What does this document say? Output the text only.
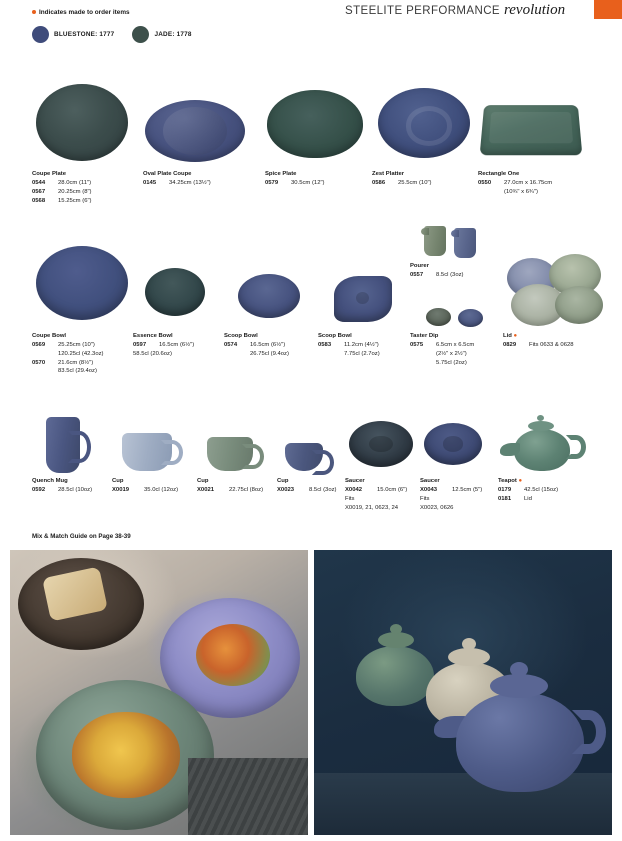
STEELITE PERFORMANCE revolution
Indicates made to order items
BLUESTONE: 1777	JADE: 1778
Coupe Plate
0544 28.0cm (11")
0567 20.25cm (8")
0568 15.25cm (6")
Oval Plate Coupe
0145 34.25cm (13½")
Spice Plate
0579 30.5cm (12")
Zest Platter
0586 25.5cm (10")
Rectangle One
0550 27.0cm x 16.75cm
(10¾" x 6¾")
Coupe Bowl
0569 25.25cm (10")
120.25cl (42.3oz)
0570 21.6cm (8½")
83.5cl (29.4oz)
Essence Bowl
0597 16.5cm (6½")
58.5cl (20.6oz)
Scoop Bowl
0574 16.5cm (6½")
26.75cl (9.4oz)
Scoop Bowl
0583 11.2cm (4½")
7.75cl (2.7oz)
Pourer
0557 8.5cl (3oz)
Taster Dip
0575 6.5cm x 6.5cm
(2½" x 2½")
5.75cl (2oz)
Lid ●
0829 Fits 0633 & 0628
Quench Mug
0592 28.5cl (10oz)
Cup
X0019	35.0cl (12oz)
Cup
X0021	22.75cl (8oz)
Cup
X0023	8.5cl (3oz)
Saucer
X0042	15.0cm (6")
Fits
X0019, 21, 0623, 24
Saucer
X0043	12.5cm (5")
Fits
X0023, 0626
Teapot ●
0179 42.5cl (15oz)
0181 Lid
Mix & Match Guide on Page 38-39
